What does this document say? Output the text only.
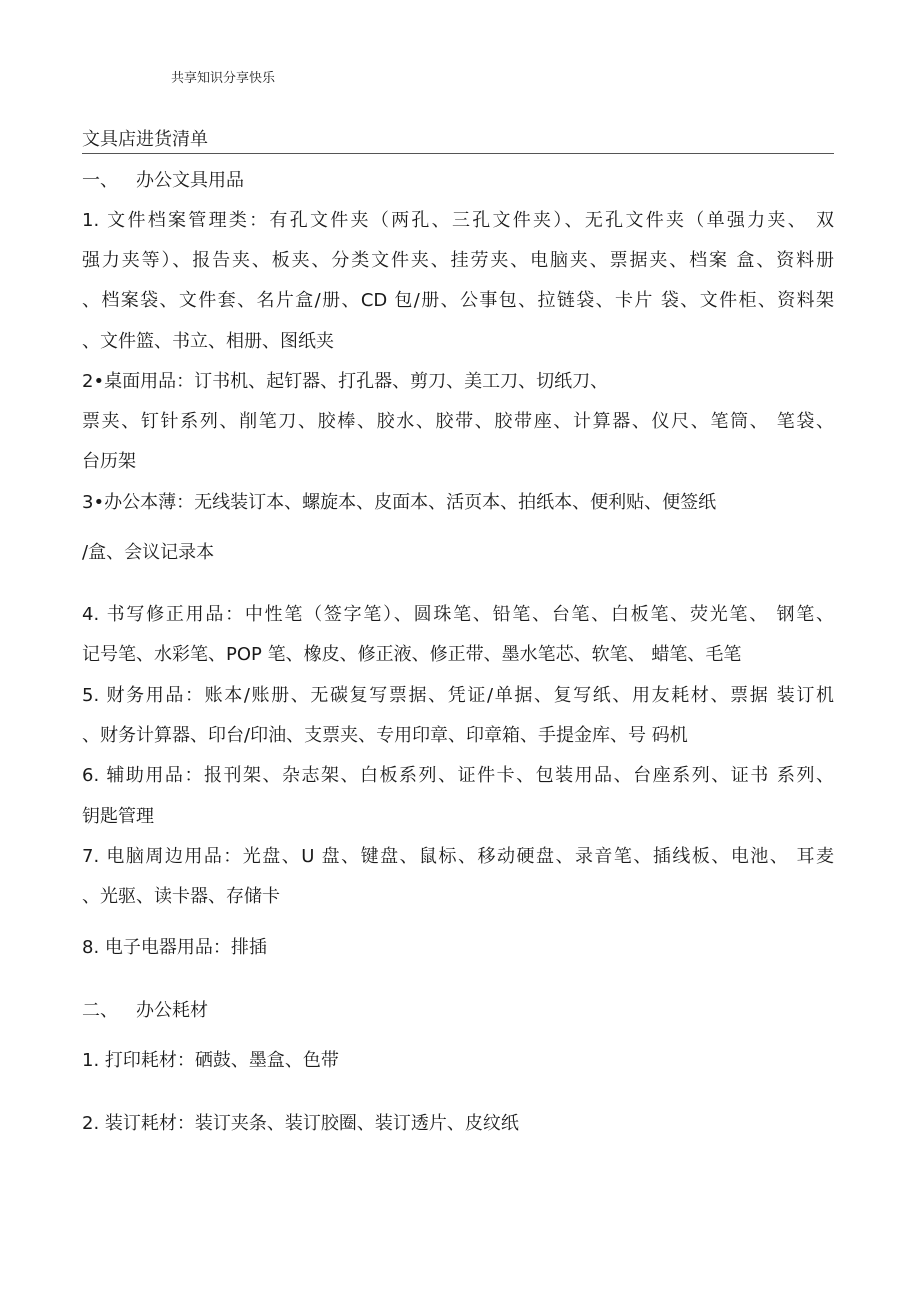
共享知识分享快乐
文具店进货清单
一、 办公文具用品
1. 文件档案管理类：有孔文件夹（两孔、三孔文件夹）、无孔文件夹（单强力夹、 双
强力夹等）、报告夹、板夹、分类文件夹、挂劳夹、电脑夹、票据夹、档案 盒、资料册
、档案袋、文件套、名片盒/册、CD 包/册、公事包、拉链袋、卡片 袋、文件柜、资料架
、文件篮、书立、相册、图纸夹
2•桌面用品：订书机、起钉器、打孔器、剪刀、美工刀、切纸刀、
票夹、钉针系列、削笔刀、胶棒、胶水、胶带、胶带座、计算器、仪尺、笔筒、 笔袋、
台历架
3•办公本薄：无线装订本、螺旋本、皮面本、活页本、拍纸本、便利贴、便签纸
/盒、会议记录本
4. 书写修正用品：中性笔（签字笔）、圆珠笔、铅笔、台笔、白板笔、荧光笔、 钢笔、
记号笔、水彩笔、POP 笔、橡皮、修正液、修正带、墨水笔芯、软笔、 蜡笔、毛笔
5. 财务用品：账本/账册、无碳复写票据、凭证/单据、复写纸、用友耗材、票据 装订机
、财务计算器、印台/印油、支票夹、专用印章、印章箱、手提金库、号 码机
6. 辅助用品：报刊架、杂志架、白板系列、证件卡、包装用品、台座系列、证书 系列、
钥匙管理
7. 电脑周边用品：光盘、U 盘、键盘、鼠标、移动硬盘、录音笔、插线板、电池、 耳麦
、光驱、读卡器、存储卡
8. 电子电器用品：排插
二、 办公耗材
1. 打印耗材：硒鼓、墨盒、色带
2. 装订耗材：装订夹条、装订胶圈、装订透片、皮纹纸
